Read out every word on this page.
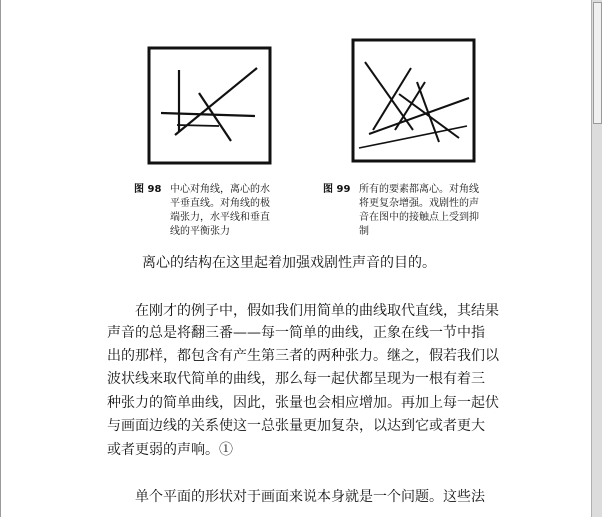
图 98 中心对角线，离心的水
平垂直线。对角线的极
端张力，水平线和垂直
线的平衡张力
图 99 所有的要素都离心。对角线
将更复杂增强。戏剧性的声
音在图中的接触点上受到抑
制
离心的结构在这里起着加强戏剧性声音的目的。
在刚才的例子中，假如我们用简单的曲线取代直线，其结果
声音的总是将翻三番——每一简单的曲线，正象在线一节中指
出的那样，都包含有产生第三者的两种张力。继之，假若我们以
波状线来取代简单的曲线，那么每一起伏都呈现为一根有着三
种张力的简单曲线，因此，张量也会相应增加。再加上每一起伏
与画面边线的关系使这一总张量更加复杂，以达到它或者更大
或者更弱的声响。①
单个平面的形状对于画面来说本身就是一个问题。这些法
